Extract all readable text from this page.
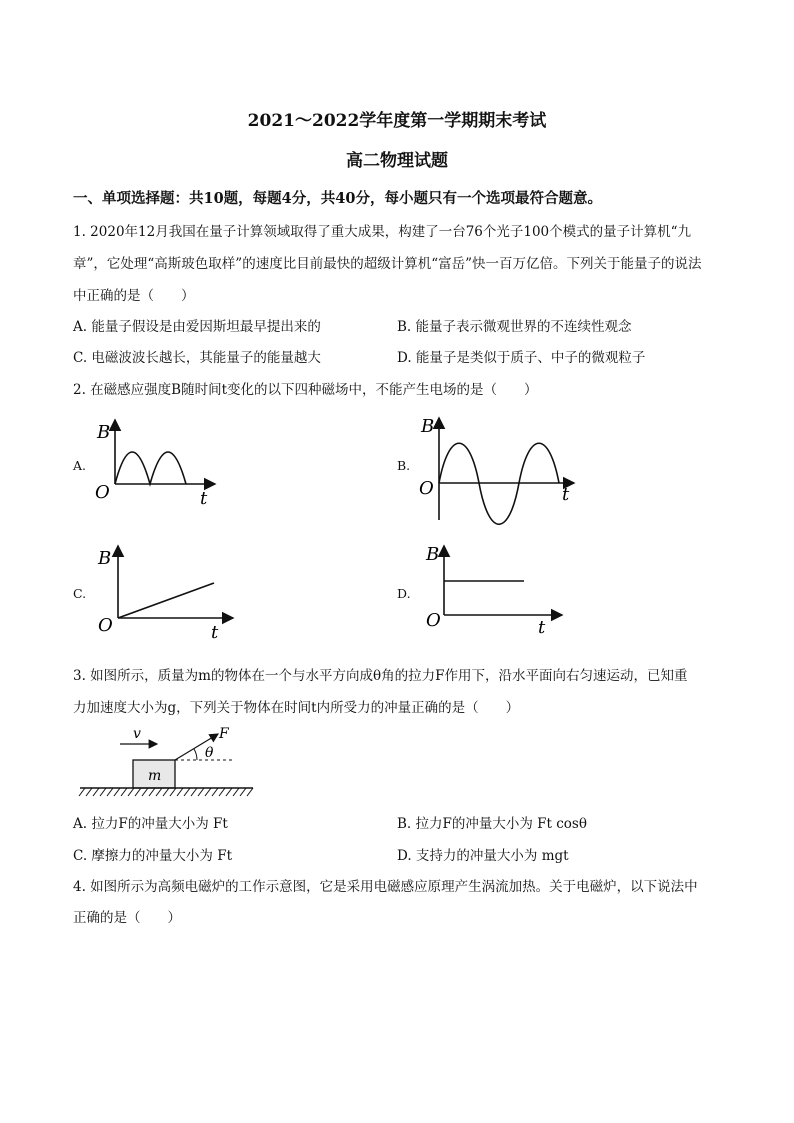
2021～2022学年度第一学期期末考试
高二物理试题
一、单项选择题：共10题，每题4分，共40分，每小题只有一个选项最符合题意。
1. 2020年12月我国在量子计算领域取得了重大成果，构建了一台76个光子100个模式的量子计算机“九
章”，它处理“高斯玻色取样”的速度比目前最快的超级计算机“富岳”快一百万亿倍。下列关于能量子的说法
中正确的是（　　）
A. 能量子假设是由爱因斯坦最早提出来的	B. 能量子表示微观世界的不连续性观念
C. 电磁波波长越长，其能量子的能量越大	D. 能量子是类似于质子、中子的微观粒子
2. 在磁感应强度B随时间t变化的以下四种磁场中，不能产生电场的是（　　）
A.	B.
C.	D.
B
O	t
B
O	t
B
O	t
B
O	t
3. 如图所示，质量为m的物体在一个与水平方向成θ角的拉力F作用下，沿水平面向右匀速运动，已知重
力加速度大小为g，下列关于物体在时间t内所受力的冲量正确的是（　　）
v
m
F
θ
A. 拉力F的冲量大小为 Ft	B. 拉力F的冲量大小为 Ft cosθ
C. 摩擦力的冲量大小为 Ft	D. 支持力的冲量大小为 mgt
4. 如图所示为高频电磁炉的工作示意图，它是采用电磁感应原理产生涡流加热。关于电磁炉，以下说法中
正确的是（　　）
